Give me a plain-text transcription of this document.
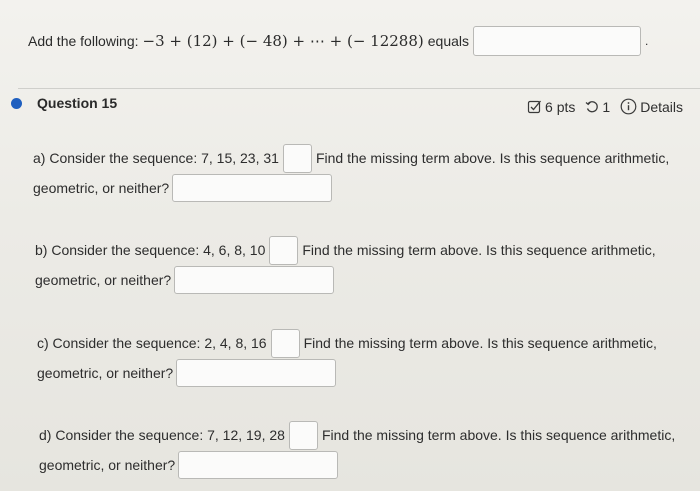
Add the following: −3 + (12) + (− 48) + ⋯ + (− 12288) equals	.
Question 15	6 pts 1 Details
a) Consider the sequence: 7, 15, 23, 31	Find the missing term above. Is this sequence arithmetic,
geometric, or neither?
b) Consider the sequence: 4, 6, 8, 10	Find the missing term above. Is this sequence arithmetic,
geometric, or neither?
c) Consider the sequence: 2, 4, 8, 16	Find the missing term above. Is this sequence arithmetic,
geometric, or neither?
d) Consider the sequence: 7, 12, 19, 28	Find the missing term above. Is this sequence arithmetic,
geometric, or neither?
